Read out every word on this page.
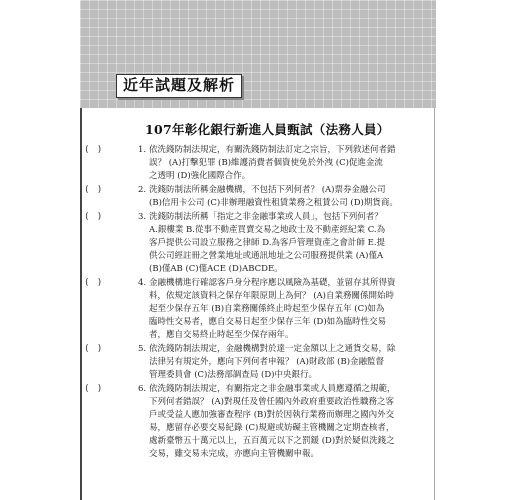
近年試題及解析
107年彰化銀行新進人員甄試（法務人員）
( )	1. 依洗錢防制法規定，有關洗錢防制法訂定之宗旨，下列敘述何者錯
誤？ (A)打擊犯罪 (B)維護消費者個資使免於外洩 (C)促進金流
之透明 (D)強化國際合作。
( )	2. 洗錢防制法所稱金融機構，不包括下列何者？ (A)票券金融公司
(B)信用卡公司 (C)非辦理融資性租賃業務之租賃公司 (D)期貨商。
( )	3. 洗錢防制法所稱「指定之非金融事業或人員」，包括下列何者？
A.銀樓業 B.從事不動產買賣交易之地政士及不動產經紀業 C.為
客戶提供公司設立服務之律師 D.為客戶管理資產之會計師 E.提
供公司經註冊之營業地址或通訊地址之公司服務提供業 (A)僅A
(B)僅AB (C)僅ACE (D)ABCDE。
( )	4. 金融機構進行確認客戶身分程序應以風險為基礎，並留存其所得資
料，依規定該資料之保存年限原則上為何？ (A)自業務關係開始時
起至少保存五年 (B)自業務關係終止時起至少保存五年 (C)如為
臨時性交易者，應自交易日起至少保存三年 (D)如為臨時性交易
者，應自交易終止時起至少保存兩年。
( )	5. 依洗錢防制法規定，金融機構對於達一定金額以上之通貨交易，除
法律另有規定外，應向下列何者申報？ (A)財政部 (B)金融監督
管理委員會 (C)法務部調查局 (D)中央銀行。
( )	6. 依洗錢防制法規定，有關指定之非金融事業或人員應遵循之規範，
下列何者錯誤？ (A)對現任及曾任國內外政府重要政治性職務之客
戶或受益人應加強審查程序 (B)對於因執行業務而辦理之國內外交
易，應留存必要交易紀錄 (C)規避或妨礙主管機關之定期查核者，
處新臺幣五十萬元以上，五百萬元以下之罰鍰 (D)對於疑似洗錢之
交易，雖交易未完成，亦應向主管機關申報。
